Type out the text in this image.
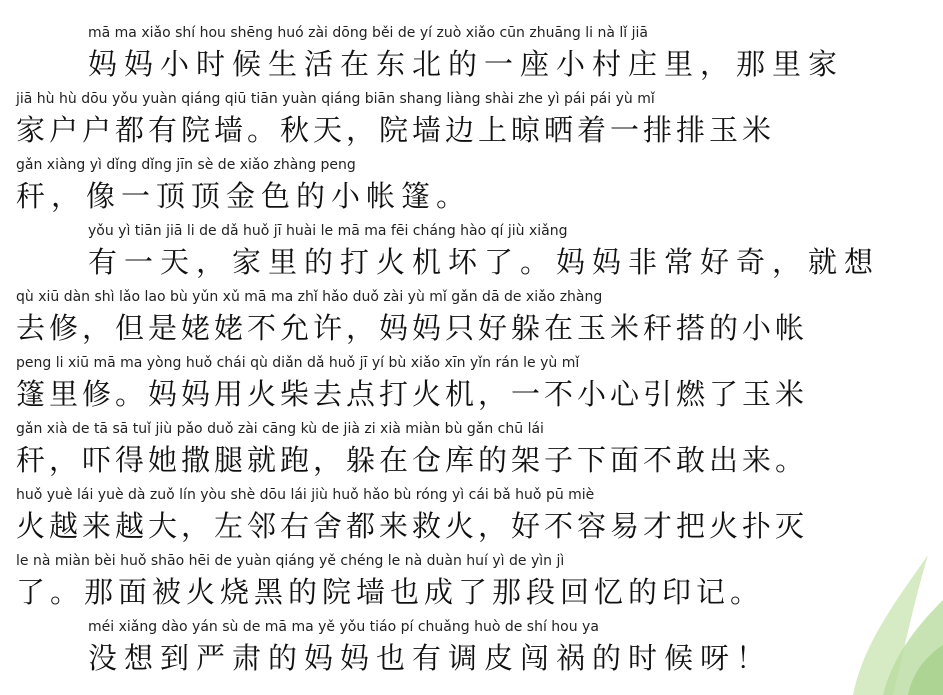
mā ma xiǎo shí hou shēng huó zài dōng běi de yí zuò xiǎo cūn zhuāng li nà lǐ jiā
妈妈小时候生活在东北的一座小村庄里，那里家
jiā hù hù dōu yǒu yuàn qiáng qiū tiān yuàn qiáng biān shang liàng shài zhe yì pái pái yù mǐ
家户户都有院墙。秋天，院墙边上晾晒着一排排玉米
gǎn xiàng yì dǐng dǐng jīn sè de xiǎo zhàng peng
秆，像一顶顶金色的小帐篷。
yǒu yì tiān jiā li de dǎ huǒ jī huài le mā ma fēi cháng hào qí jiù xiǎng
有一天，家里的打火机坏了。妈妈非常好奇，就想
qù xiū dàn shì lǎo lao bù yǔn xǔ mā ma zhǐ hǎo duǒ zài yù mǐ gǎn dā de xiǎo zhàng
去修，但是姥姥不允许，妈妈只好躲在玉米秆搭的小帐
peng li xiū mā ma yòng huǒ chái qù diǎn dǎ huǒ jī yí bù xiǎo xīn yǐn rán le yù mǐ
篷里修。妈妈用火柴去点打火机，一不小心引燃了玉米
gǎn xià de tā sā tuǐ jiù pǎo duǒ zài cāng kù de jià zi xià miàn bù gǎn chū lái
秆，吓得她撒腿就跑，躲在仓库的架子下面不敢出来。
huǒ yuè lái yuè dà zuǒ lín yòu shè dōu lái jiù huǒ hǎo bù róng yì cái bǎ huǒ pū miè
火越来越大，左邻右舍都来救火，好不容易才把火扑灭
le nà miàn bèi huǒ shāo hēi de yuàn qiáng yě chéng le nà duàn huí yì de yìn jì
了。那面被火烧黑的院墙也成了那段回忆的印记。
méi xiǎng dào yán sù de mā ma yě yǒu tiáo pí chuǎng huò de shí hou ya
没想到严肃的妈妈也有调皮闯祸的时候呀！
